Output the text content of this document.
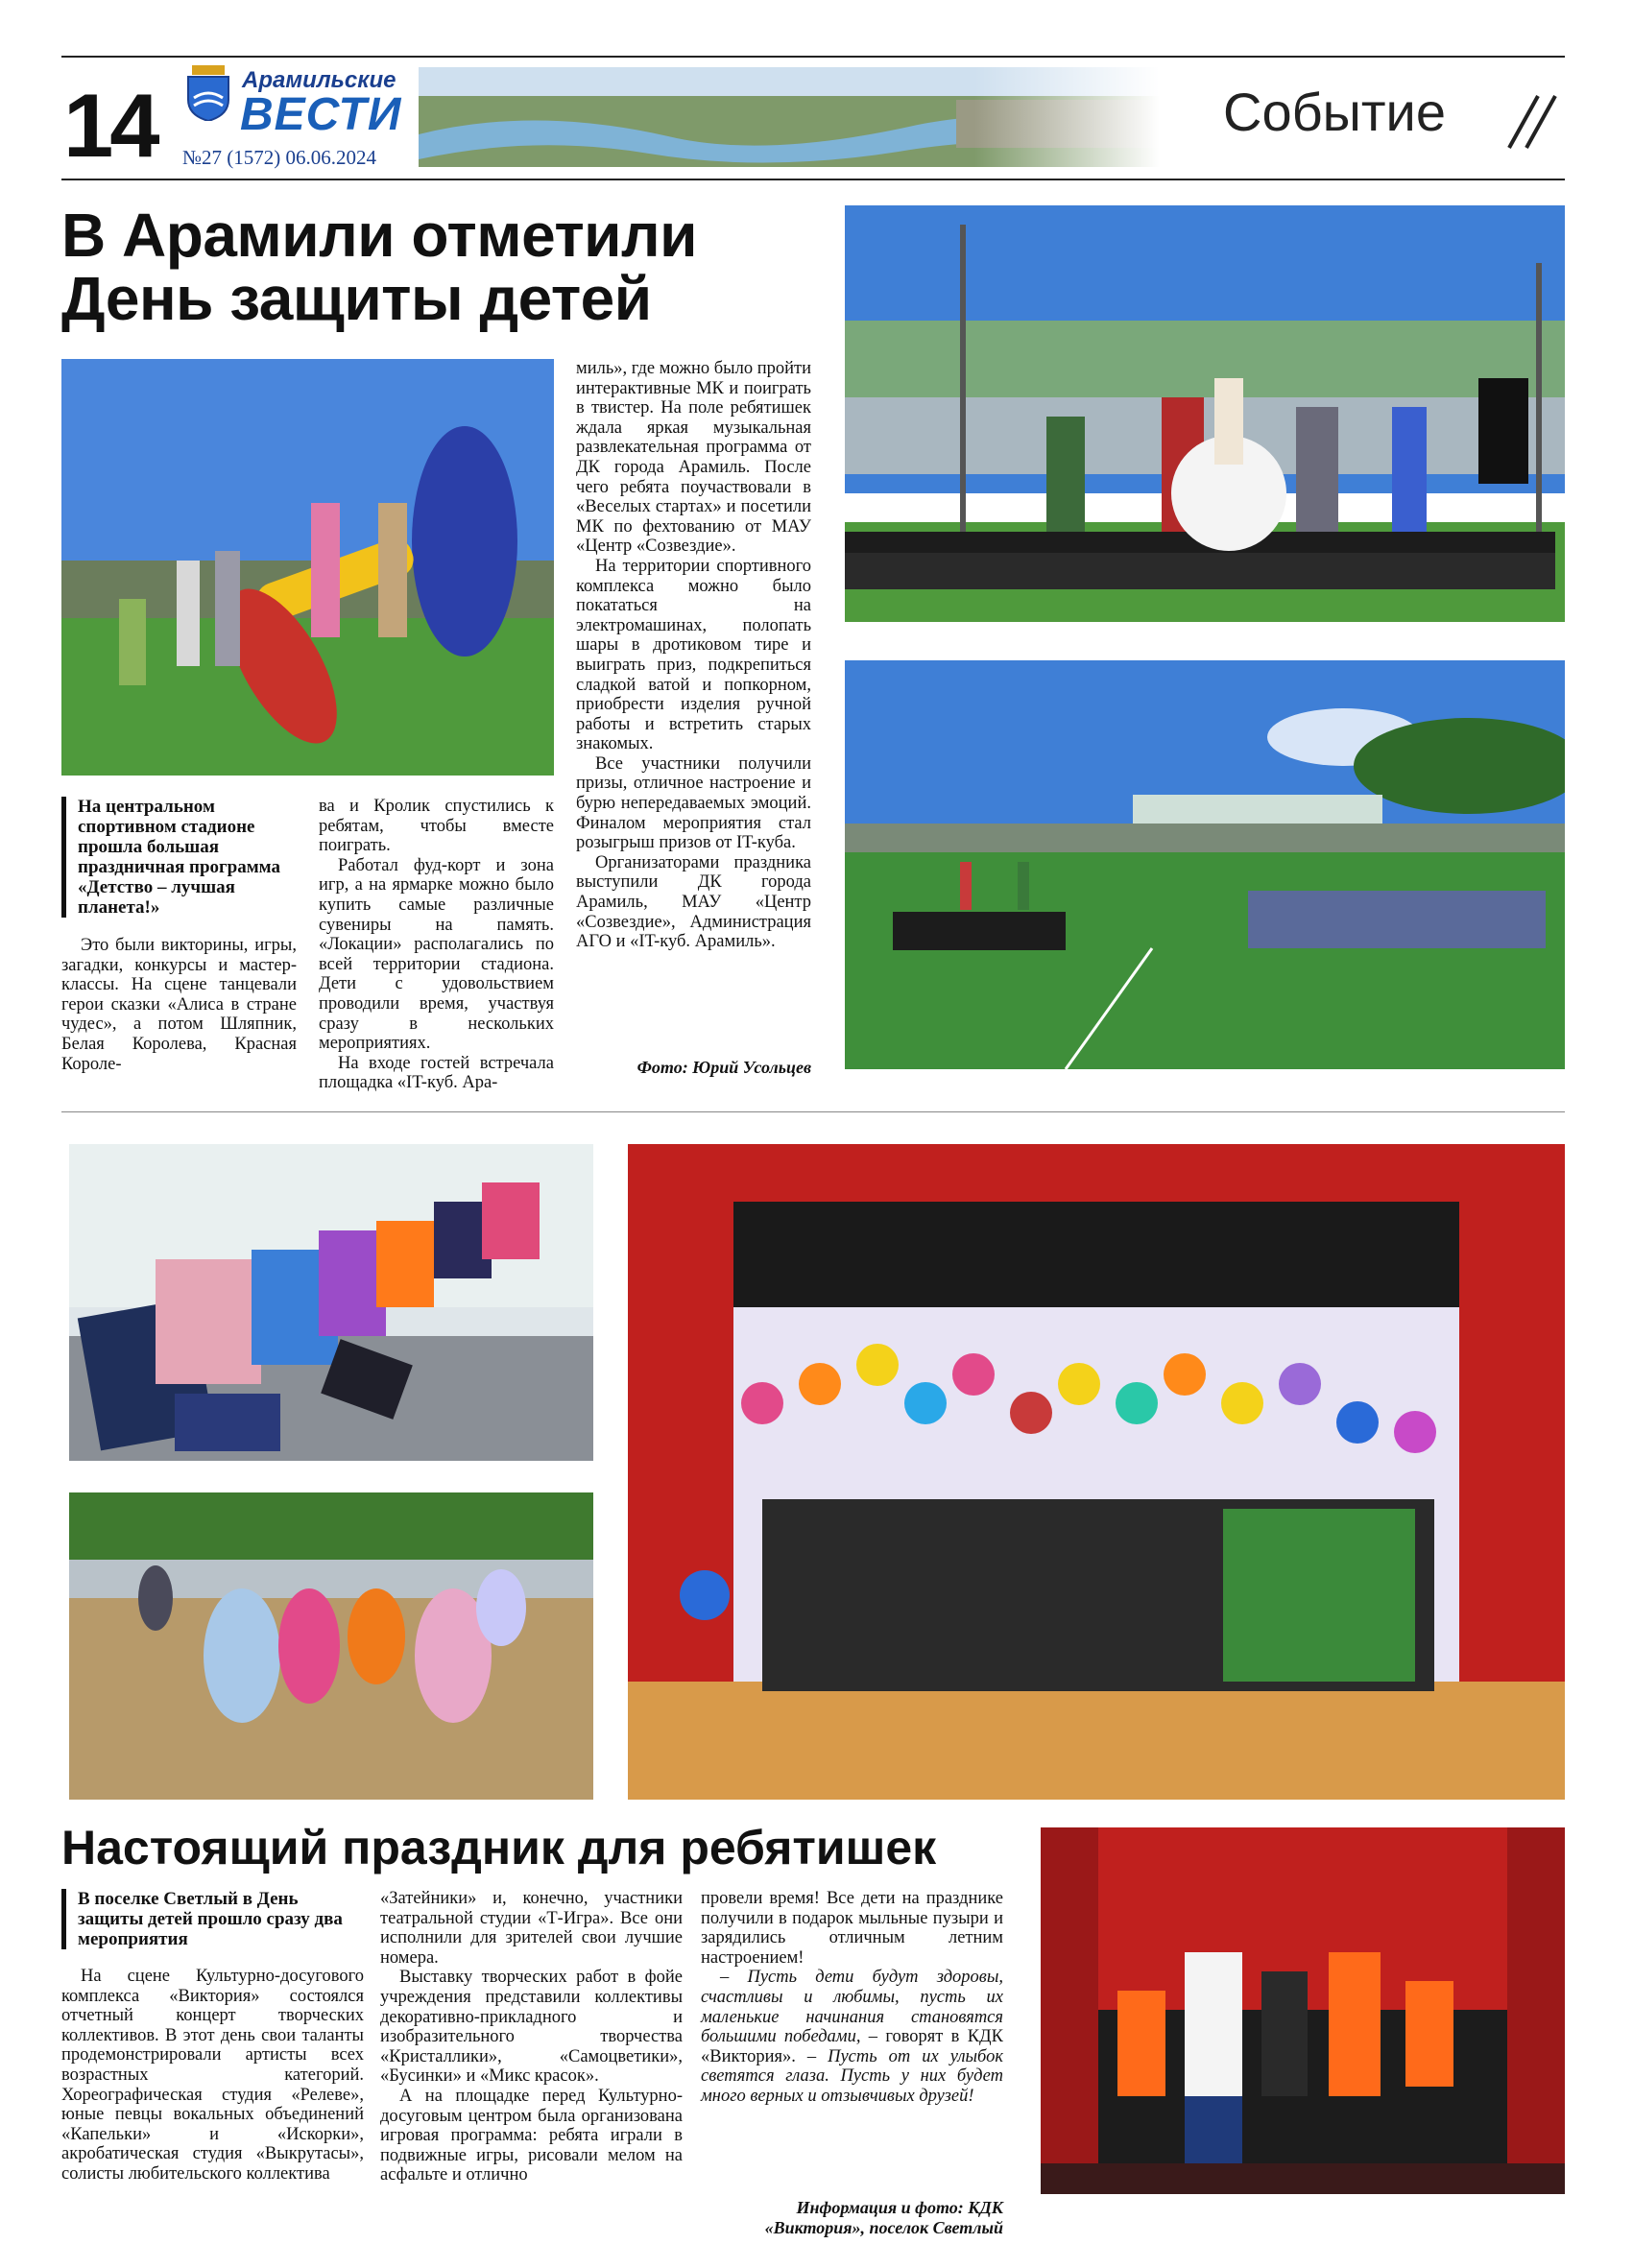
14	Арамильские
ВЕСТИ
№27 (1572) 06.06.2024
Событие
В Арамили отметили
День защиты детей
На центральном спортивном стадионе прошла большая праздничная программа «Детство – лучшая планета!»

Это были викторины, игры, загадки, конкурсы и мастер-классы. На сцене танцевали герои сказки «Алиса в стране чудес», а потом Шляпник, Белая Королева, Красная Короле-

ва и Кролик спустились к ребятам, чтобы вместе поиграть.

Работал фуд-корт и зона игр, а на ярмарке можно было купить самые различные сувениры на память. «Локации» располагались по всей территории стадиона. Дети с удовольствием проводили время, участвуя сразу в нескольких мероприятиях.

На входе гостей встречала площадка «IT-куб. Ара-

миль», где можно было пройти интерактивные МК и поиграть в твистер. На поле ребятишек ждала яркая музыкальная развлекательная программа от ДК города Арамиль. После чего ребята поучаствовали в «Веселых стартах» и посетили МК по фехтованию от МАУ «Центр «Созвездие».

На территории спортивного комплекса можно было покататься на электромашинах, полопать шары в дротиковом тире и выиграть приз, подкрепиться сладкой ватой и попкорном, приобрести изделия ручной работы и встретить старых знакомых.

Все участники получили призы, отличное настроение и бурю непередаваемых эмоций. Финалом мероприятия стал розыгрыш призов от IT-куба.

Организаторами праздника выступили ДК города Арамиль, МАУ «Центр «Созвездие», Администрация АГО и «IT-куб. Арамиль».

Фото: Юрий Усольцев
Настоящий праздник для ребятишек
В поселке Светлый в День защиты детей прошло сразу два мероприятия

На сцене Культурно-досугового комплекса «Виктория» состоялся отчетный концерт творческих коллективов. В этот день свои таланты продемонстрировали артисты всех возрастных категорий. Хореографическая студия «Релеве», юные певцы вокальных объединений «Капельки» и «Искорки», акробатическая студия «Выкрутасы», солисты любительского коллектива

«Затейники» и, конечно, участники театральной студии «Т-Игра». Все они исполнили для зрителей свои лучшие номера.

Выставку творческих работ в фойе учреждения представили коллективы декоративно-прикладного и изобразительного творчества «Кристаллики», «Самоцветики», «Бусинки» и «Микс красок».

А на площадке перед Культурно-досуговым центром была организована игровая программа: ребята играли в подвижные игры, рисовали мелом на асфальте и отлично

провели время! Все дети на празднике получили в подарок мыльные пузыри и зарядились отличным летним настроением!

– Пусть дети будут здоровы, счастливы и любимы, пусть их маленькие начинания становятся большими победами, – говорят в КДК «Виктория». – Пусть от их улыбок светятся глаза. Пусть у них будет много верных и отзывчивых друзей!

Информация и фото: КДК
«Виктория», поселок Светлый
